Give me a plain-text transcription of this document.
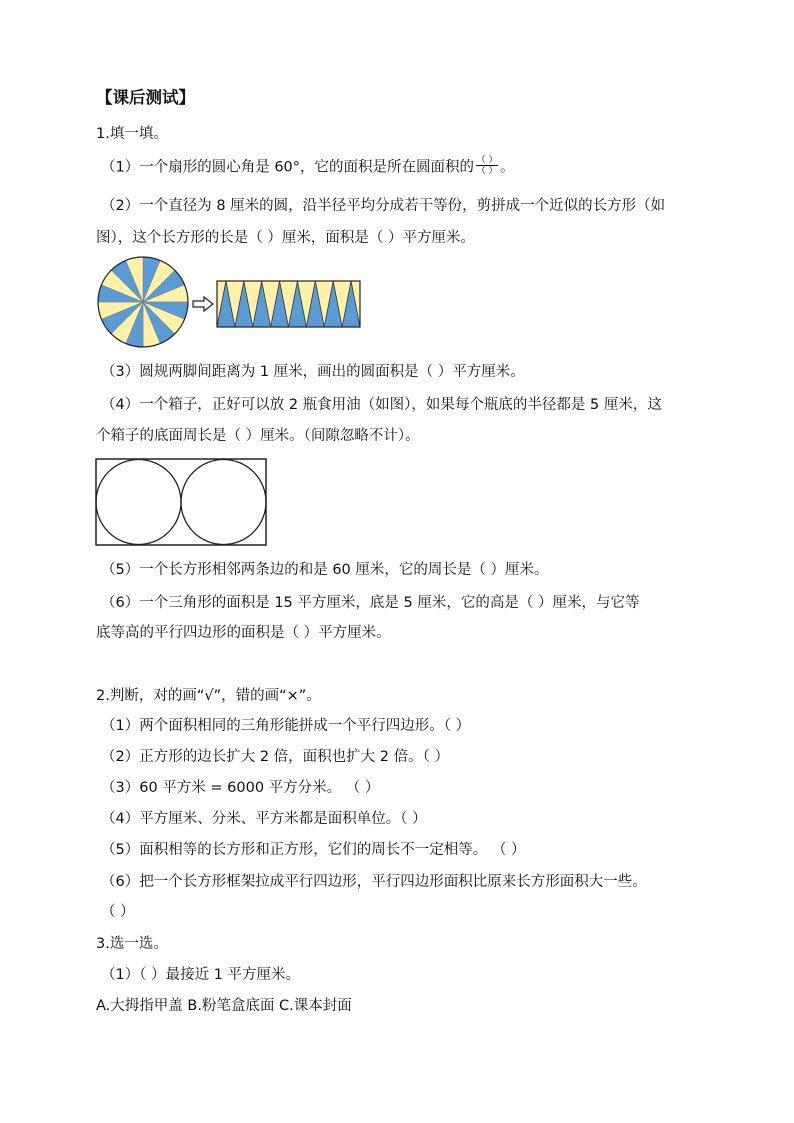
【课后测试】
1.填一填。
（1）一个扇形的圆心角是 60°，它的面积是所在圆面积的 $\frac{( )}{( )}$ 。
（2）一个直径为 8 厘米的圆，沿半径平均分成若干等份，剪拼成一个近似的长方形（如
图），这个长方形的长是（ ）厘米，面积是（ ）平方厘米。
（3）圆规两脚间距离为 1 厘米，画出的圆面积是（ ）平方厘米。
（4）一个箱子，正好可以放 2 瓶食用油（如图），如果每个瓶底的半径都是 5 厘米，这
个箱子的底面周长是（ ）厘米。（间隙忽略不计）。
（5）一个长方形相邻两条边的和是 60 厘米，它的周长是（ ）厘米。
（6）一个三角形的面积是 15 平方厘米，底是 5 厘米，它的高是（ ）厘米，与它等
底等高的平行四边形的面积是（ ）平方厘米。
2.判断，对的画“√”，错的画“×”。
（1）两个面积相同的三角形能拼成一个平行四边形。（ ）
（2）正方形的边长扩大 2 倍，面积也扩大 2 倍。（ ）
（3）60 平方米 = 6000 平方分米。 （ ）
（4）平方厘米、分米、平方米都是面积单位。（ ）
（5）面积相等的长方形和正方形，它们的周长不一定相等。 （ ）
（6）把一个长方形框架拉成平行四边形，平行四边形面积比原来长方形面积大一些。
（ ）
3.选一选。
（1）（ ）最接近 1 平方厘米。
A.大拇指甲盖 B.粉笔盒底面 C.课本封面
